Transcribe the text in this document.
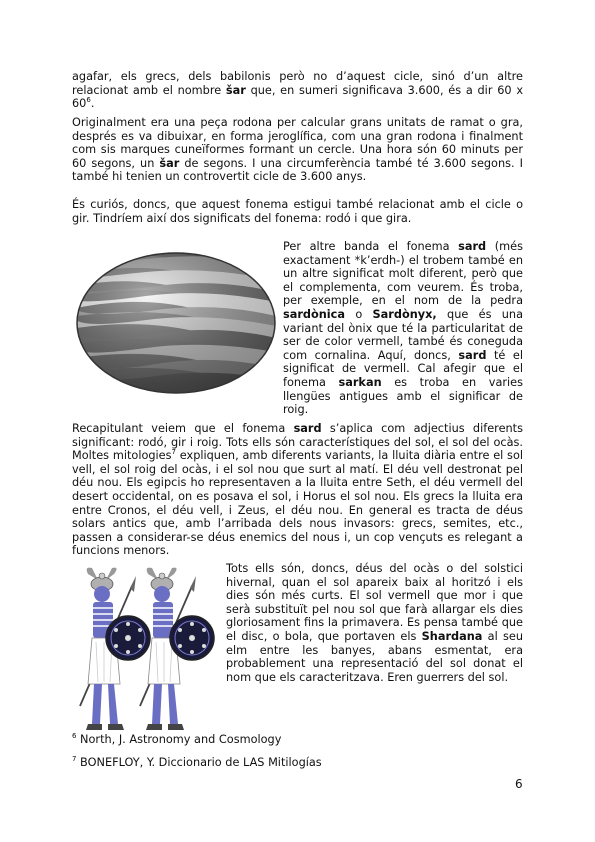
agafar, els grecs, dels babilonis però no d’aquest cicle, sinó d’un altre relacionat amb el nombre šar que, en sumeri significava 3.600, és a dir 60 x $60^6$.

Originalment era una peça rodona per calcular grans unitats de ramat o gra, després es va dibuixar, en forma jeroglífica, com una gran rodona i finalment com sis marques cuneïformes formant un cercle. Una hora són 60 minuts per 60 segons, un šar de segons. I una circumferència també té 3.600 segons. I també hi tenien un controvertit cicle de 3.600 anys.

És curiós, doncs, que aquest fonema estigui també relacionat amb el cicle o gir. Tindríem així dos significats del fonema: rodó i que gira.

Per altre banda el fonema sard (més exactament *k’erdh-) el trobem també en un altre significat molt diferent, però que el complementa, com veurem. És troba, per exemple, en el nom de la pedra sardònica o Sardònyx, que és una variant del ònix que té la particularitat de ser de color vermell, també és coneguda com cornalina. Aquí, doncs, sard té el significat de vermell. Cal afegir que el fonema sarkan es troba en varies llengües antigues amb el significar de roig.

Recapitulant veiem que el fonema sard s’aplica com adjectius diferents significant: rodó, gir i roig. Tots ells són característiques del sol, el sol del ocàs. Moltes mitologies$^7$ expliquen, amb diferents variants, la lluita diària entre el sol vell, el sol roig del ocàs, i el sol nou que surt al matí. El déu vell destronat pel déu nou. Els egipcis ho representaven a la lluita entre Seth, el déu vermell del desert occidental, on es posava el sol, i Horus el sol nou. Els grecs la lluita era entre Cronos, el déu vell, i Zeus, el déu nou. En general es tracta de déus solars antics que, amb l’arribada dels nous invasors: grecs, semites, etc., passen a considerar-se déus enemics del nous i, un cop vençuts es relegant a funcions menors.

Tots ells són, doncs, déus del ocàs o del solstici hivernal, quan el sol apareix baix al horitzó i els dies són més curts. El sol vermell que mor i que serà substituït pel nou sol que farà allargar els dies gloriosament fins la primavera. Es pensa també que el disc, o bola, que portaven els Shardana al seu elm entre les banyes, abans esmentat, era probablement una representació del sol donat el nom que els caracteritzava. Eren guerrers del sol.

$^6$ North, J. Astronomy and Cosmology
$^7$ BONEFLOY, Y. Diccionario de LAS Mitilogías
6
